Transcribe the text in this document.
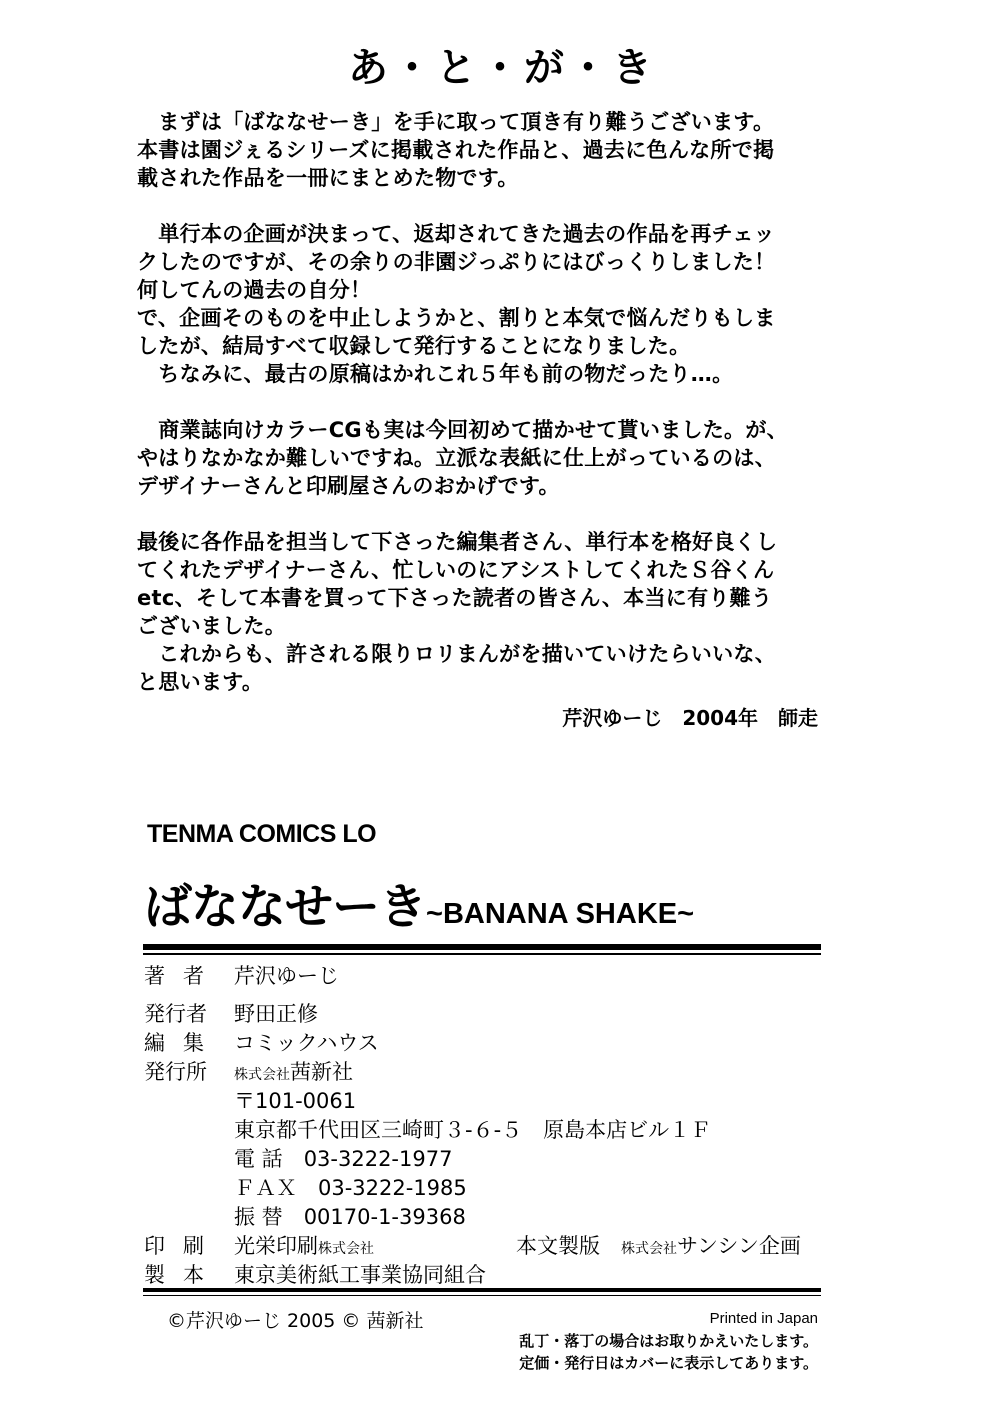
あ・と・が・き

　まずは「ばななせーき」を手に取って頂き有り難うございます。
本書は園ジぇるシリーズに掲載された作品と、過去に色んな所で掲
載された作品を一冊にまとめた物です。

　単行本の企画が決まって、返却されてきた過去の作品を再チェッ
クしたのですが、その余りの非園ジっぷりにはびっくりしました！
何してんの過去の自分！
で、企画そのものを中止しようかと、割りと本気で悩んだりもしま
したが、結局すべて収録して発行することになりました。
　ちなみに、最古の原稿はかれこれ５年も前の物だったり…。

　商業誌向けカラーCGも実は今回初めて描かせて貰いました。が、
やはりなかなか難しいですね。立派な表紙に仕上がっているのは、
デザイナーさんと印刷屋さんのおかげです。

最後に各作品を担当して下さった編集者さん、単行本を格好良くし
てくれたデザイナーさん、忙しいのにアシストしてくれたＳ谷くん
etc、そして本書を買って下さった読者の皆さん、本当に有り難う
ございました。
　これからも、許される限りロリまんがを描いていけたらいいな、
と思います。

芹沢ゆーじ　2004年　師走
TENMA COMICS LO
ばななせーき~BANANA SHAKE~
著者 芹沢ゆーじ
発行者	野田正修
編集 コミックハウス
発行所	株式会社茜新社
〒101-0061
東京都千代田区三崎町３-６-５　原島本店ビル１Ｆ
電 話　 03-3222-1977
ＦＡＸ　 03-3222-1985
振 替　 00170-1-39368
印刷 光栄印刷株式会社	本文製版　 株式会社サンシン企画
製本 東京美術紙工事業協同組合
©芹沢ゆーじ 2005 © 茜新社	Printed in Japan
乱丁・落丁の場合はお取りかえいたします。
定価・発行日はカバーに表示してあります。
